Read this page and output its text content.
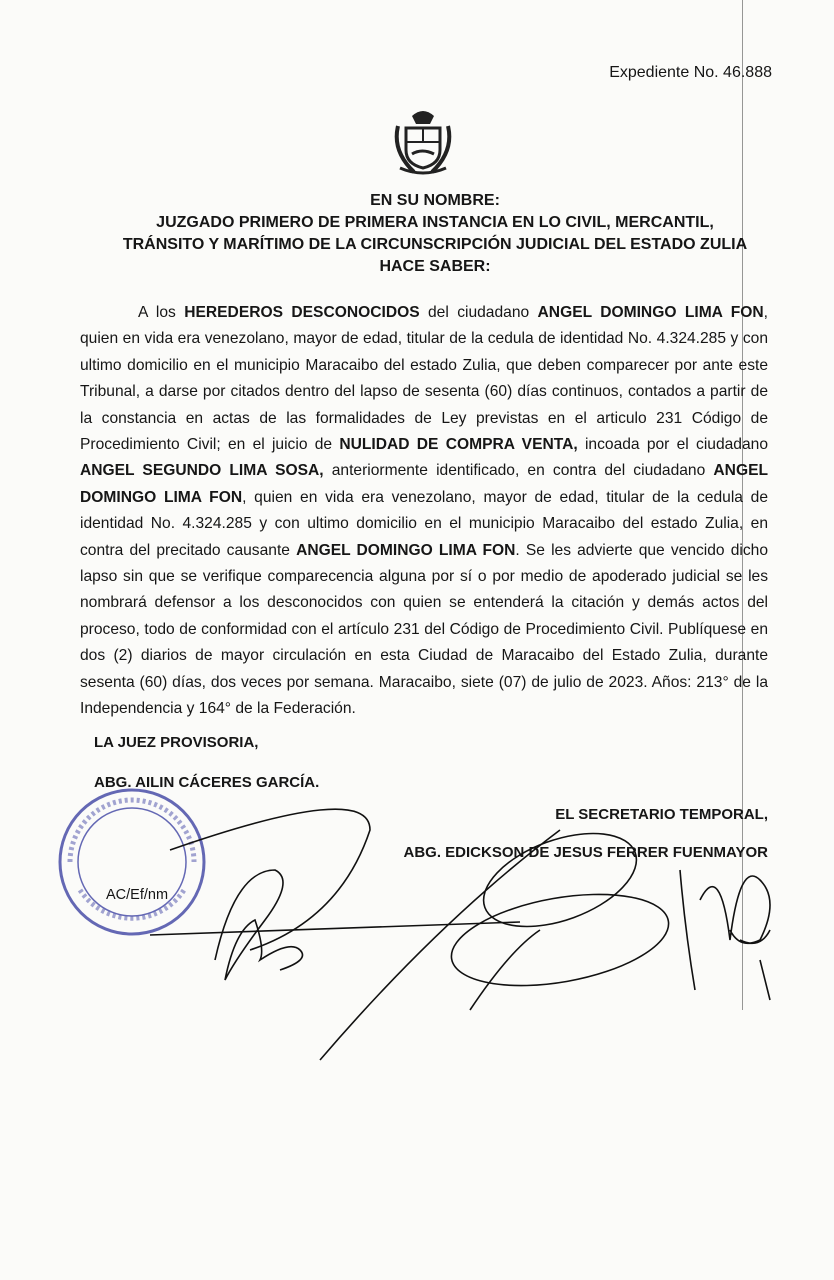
Expediente No. 46.888
EN SU NOMBRE:
JUZGADO PRIMERO DE PRIMERA INSTANCIA EN LO CIVIL, MERCANTIL,
TRÁNSITO Y MARÍTIMO DE LA CIRCUNSCRIPCIÓN JUDICIAL DEL ESTADO ZULIA
HACE SABER:
A los HEREDEROS DESCONOCIDOS del ciudadano ANGEL DOMINGO LIMA FON, quien en vida era venezolano, mayor de edad, titular de la cedula de identidad No. 4.324.285 y con ultimo domicilio en el municipio Maracaibo del estado Zulia, que deben comparecer por ante este Tribunal, a darse por citados dentro del lapso de sesenta (60) días continuos, contados a partir de la constancia en actas de las formalidades de Ley previstas en el articulo 231 Código de Procedimiento Civil; en el juicio de NULIDAD DE COMPRA VENTA, incoada por el ciudadano ANGEL SEGUNDO LIMA SOSA, anteriormente identificado, en contra del ciudadano ANGEL DOMINGO LIMA FON, quien en vida era venezolano, mayor de edad, titular de la cedula de identidad No. 4.324.285 y con ultimo domicilio en el municipio Maracaibo del estado Zulia, en contra del precitado causante ANGEL DOMINGO LIMA FON. Se les advierte que vencido dicho lapso sin que se verifique comparecencia alguna por sí o por medio de apoderado judicial se les nombrará defensor a los desconocidos con quien se entenderá la citación y demás actos del proceso, todo de conformidad con el artículo 231 del Código de Procedimiento Civil. Publíquese en dos (2) diarios de mayor circulación en esta Ciudad de Maracaibo del Estado Zulia, durante sesenta (60) días, dos veces por semana. Maracaibo, siete (07) de julio de 2023. Años: 213° de la Independencia y 164° de la Federación.
LA JUEZ PROVISORIA,
ABG. AILIN CÁCERES GARCÍA.
EL SECRETARIO TEMPORAL,
ABG. EDICKSON DE JESUS FERRER FUENMAYOR
AC/Ef/nm
